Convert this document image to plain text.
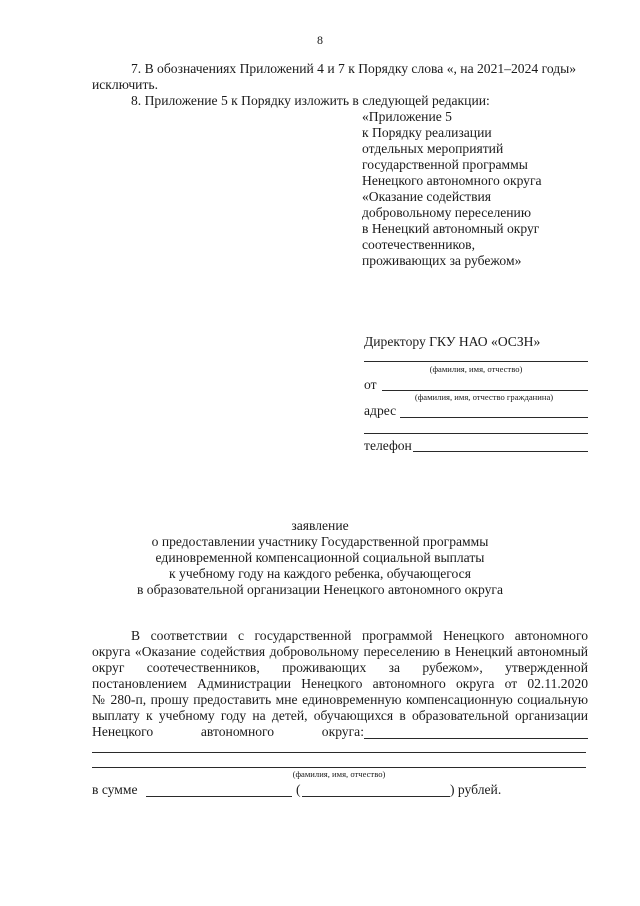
8
7. В обозначениях Приложений 4 и 7 к Порядку слова «, на 2021–2024 годы»
исключить.
8. Приложение 5 к Порядку изложить в следующей редакции:
«Приложение 5
к Порядку реализации
отдельных мероприятий
государственной программы
Ненецкого автономного округа
«Оказание содействия
добровольному переселению
в Ненецкий автономный округ
соотечественников,
проживающих за рубежом»
Директору ГКУ НАО «ОСЗН»
(фамилия, имя, отчество)
от
(фамилия, имя, отчество гражданина)
адрес
телефон
заявление
о предоставлении участнику Государственной программы
единовременной компенсационной социальной выплаты
к учебному году на каждого ребенка, обучающегося
в образовательной организации Ненецкого автономного округа
В соответствии с государственной программой Ненецкого автономного
округа «Оказание содействия добровольному переселению в Ненецкий автономный
округ соотечественников, проживающих за рубежом», утвержденной
постановлением Администрации Ненецкого автономного округа от 02.11.2020
№ 280-п, прошу предоставить мне единовременную компенсационную социальную
выплату к учебному году на детей, обучающихся в образовательной организации
Ненецкого автономного округа:
(фамилия, имя, отчество)
в сумме	(	) рублей.
